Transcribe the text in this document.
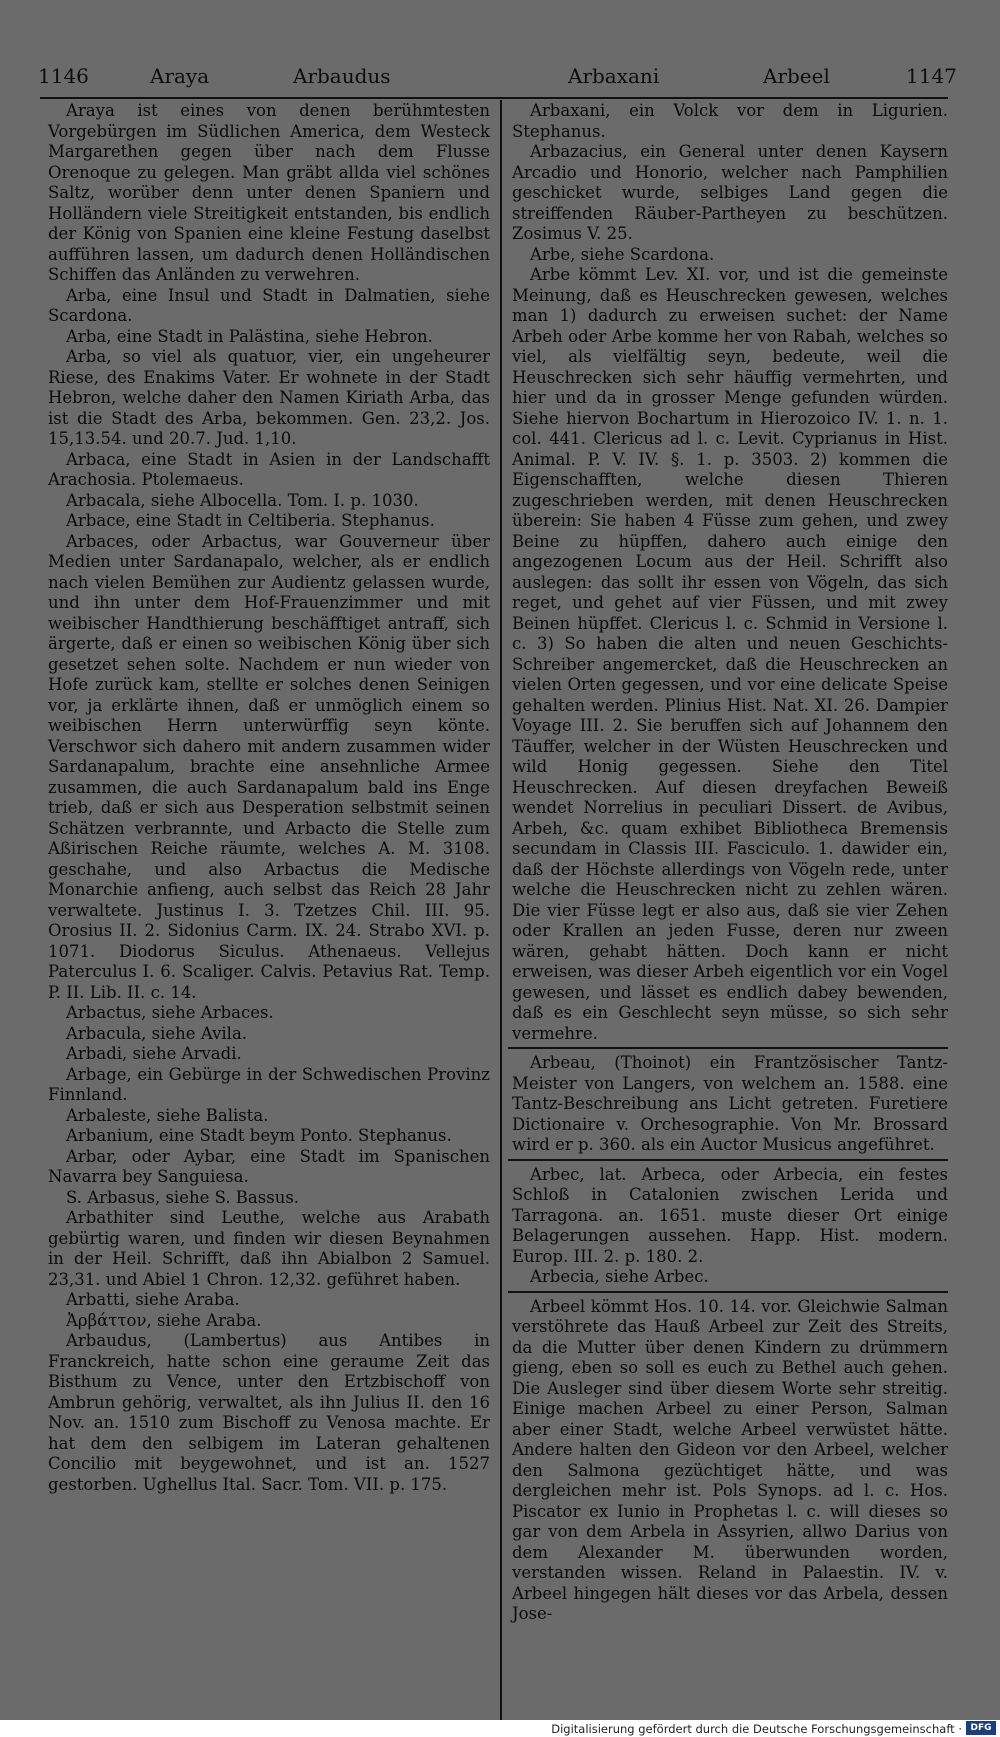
1146	Araya	Arbaudus	Arbaxani	Arbeel	1147

Araya ist eines von denen berühmtesten Vorgebürgen im Südlichen America, dem Westeck Margarethen gegen über nach dem Flusse Orenoque zu gelegen. Man gräbt allda viel schönes Saltz, worüber denn unter denen Spaniern und Holländern viele Streitigkeit entstanden, bis endlich der König von Spanien eine kleine Festung daselbst aufführen lassen, um dadurch denen Holländischen Schiffen das Anländen zu verwehren.

Arba, eine Insul und Stadt in Dalmatien, siehe Scardona.

Arba, eine Stadt in Palästina, siehe Hebron.

Arba, so viel als quatuor, vier, ein ungeheurer Riese, des Enakims Vater. Er wohnete in der Stadt Hebron, welche daher den Namen Kiriath Arba, das ist die Stadt des Arba, bekommen. Gen. 23,2. Jos. 15,13.54. und 20.7. Jud. 1,10.

Arbaca, eine Stadt in Asien in der Landschafft Arachosia. Ptolemaeus.

Arbacala, siehe Albocella. Tom. I. p. 1030.

Arbace, eine Stadt in Celtiberia. Stephanus.

Arbaces, oder Arbactus, war Gouverneur über Medien unter Sardanapalo, welcher, als er endlich nach vielen Bemühen zur Audientz gelassen wurde, und ihn unter dem Hof-Frauenzimmer und mit weibischer Handthierung beschäfftiget antraff, sich ärgerte, daß er einen so weibischen König über sich gesetzet sehen solte. Nachdem er nun wieder von Hofe zurück kam, stellte er solches denen Seinigen vor, ja erklärte ihnen, daß er unmöglich einem so weibischen Herrn unterwürffig seyn könte. Verschwor sich dahero mit andern zusammen wider Sardanapalum, brachte eine ansehnliche Armee zusammen, die auch Sardanapalum bald ins Enge trieb, daß er sich aus Desperation selbstmit seinen Schätzen verbrannte, und Arbacto die Stelle zum Aßirischen Reiche räumte, welches A. M. 3108. geschahe, und also Arbactus die Medische Monarchie anfieng, auch selbst das Reich 28 Jahr verwaltete. Justinus I. 3. Tzetzes Chil. III. 95. Orosius II. 2. Sidonius Carm. IX. 24. Strabo XVI. p. 1071. Diodorus Siculus. Athenaeus. Vellejus Paterculus I. 6. Scaliger. Calvis. Petavius Rat. Temp. P. II. Lib. II. c. 14.

Arbactus, siehe Arbaces.

Arbacula, siehe Avila.

Arbadi, siehe Arvadi.

Arbage, ein Gebürge in der Schwedischen Provinz Finnland.

Arbaleste, siehe Balista.

Arbanium, eine Stadt beym Ponto. Stephanus.

Arbar, oder Aybar, eine Stadt im Spanischen Navarra bey Sanguiesa.

S. Arbasus, siehe S. Bassus.

Arbathiter sind Leuthe, welche aus Arabath gebürtig waren, und finden wir diesen Beynahmen in der Heil. Schrifft, daß ihn Abialbon 2 Samuel. 23,31. und Abiel 1 Chron. 12,32. geführet haben.

Arbatti, siehe Araba.

Ἀρβάττον, siehe Araba.

Arbaudus, (Lambertus) aus Antibes in Franckreich, hatte schon eine geraume Zeit das Bisthum zu Vence, unter den Ertzbischoff von Ambrun gehörig, verwaltet, als ihn Julius II. den 16 Nov. an. 1510 zum Bischoff zu Venosa machte. Er hat dem den selbigem im Lateran gehaltenen Concilio mit beygewohnet, und ist an. 1527 gestorben. Ughellus Ital. Sacr. Tom. VII. p. 175.

Arbaxani, ein Volck vor dem in Ligurien. Stephanus.

Arbazacius, ein General unter denen Kaysern Arcadio und Honorio, welcher nach Pamphilien geschicket wurde, selbiges Land gegen die streiffenden Räuber-Partheyen zu beschützen. Zosimus V. 25.

Arbe, siehe Scardona.

Arbe kömmt Lev. XI. vor, und ist die gemeinste Meinung, daß es Heuschrecken gewesen, welches man 1) dadurch zu erweisen suchet: der Name Arbeh oder Arbe komme her von Rabah, welches so viel, als vielfältig seyn, bedeute, weil die Heuschrecken sich sehr häuffig vermehrten, und hier und da in grosser Menge gefunden würden. Siehe hiervon Bochartum in Hierozoico IV. 1. n. 1. col. 441. Clericus ad l. c. Levit. Cyprianus in Hist. Animal. P. V. IV. §. 1. p. 3503. 2) kommen die Eigenschafften, welche diesen Thieren zugeschrieben werden, mit denen Heuschrecken überein: Sie haben 4 Füsse zum gehen, und zwey Beine zu hüpffen, dahero auch einige den angezogenen Locum aus der Heil. Schrifft also auslegen: das sollt ihr essen von Vögeln, das sich reget, und gehet auf vier Füssen, und mit zwey Beinen hüpffet. Clericus l. c. Schmid in Versione l. c. 3) So haben die alten und neuen Geschichts-Schreiber angemercket, daß die Heuschrecken an vielen Orten gegessen, und vor eine delicate Speise gehalten werden. Plinius Hist. Nat. XI. 26. Dampier Voyage III. 2. Sie beruffen sich auf Johannem den Täuffer, welcher in der Wüsten Heuschrecken und wild Honig gegessen. Siehe den Titel Heuschrecken. Auf diesen dreyfachen Beweiß wendet Norrelius in peculiari Dissert. de Avibus, Arbeh, &c. quam exhibet Bibliotheca Bremensis secundam in Classis III. Fasciculo. 1. dawider ein, daß der Höchste allerdings von Vögeln rede, unter welche die Heuschrecken nicht zu zehlen wären. Die vier Füsse legt er also aus, daß sie vier Zehen oder Krallen an jeden Fusse, deren nur zween wären, gehabt hätten. Doch kann er nicht erweisen, was dieser Arbeh eigentlich vor ein Vogel gewesen, und lässet es endlich dabey bewenden, daß es ein Geschlecht seyn müsse, so sich sehr vermehre.

Arbeau, (Thoinot) ein Frantzösischer Tantz-Meister von Langers, von welchem an. 1588. eine Tantz-Beschreibung ans Licht getreten. Furetiere Dictionaire v. Orchesographie. Von Mr. Brossard wird er p. 360. als ein Auctor Musicus angeführet.

Arbec, lat. Arbeca, oder Arbecia, ein festes Schloß in Catalonien zwischen Lerida und Tarragona. an. 1651. muste dieser Ort einige Belagerungen aussehen. Happ. Hist. modern. Europ. III. 2. p. 180. 2.

Arbecia, siehe Arbec.

Arbeel kömmt Hos. 10. 14. vor. Gleichwie Salman verstöhrete das Hauß Arbeel zur Zeit des Streits, da die Mutter über denen Kindern zu drümmern gieng, eben so soll es euch zu Bethel auch gehen. Die Ausleger sind über diesem Worte sehr streitig. Einige machen Arbeel zu einer Person, Salman aber einer Stadt, welche Arbeel verwüstet hätte. Andere halten den Gideon vor den Arbeel, welcher den Salmona gezüchtiget hätte, und was dergleichen mehr ist. Pols Synops. ad l. c. Hos. Piscator ex Iunio in Prophetas l. c. will dieses so gar von dem Arbela in Assyrien, allwo Darius von dem Alexander M. überwunden worden, verstanden wissen. Reland in Palaestin. IV. v. Arbeel hingegen hält dieses vor das Arbela, dessen Jose-

Digitalisierung gefördert durch die Deutsche Forschungsgemeinschaft · DFG
